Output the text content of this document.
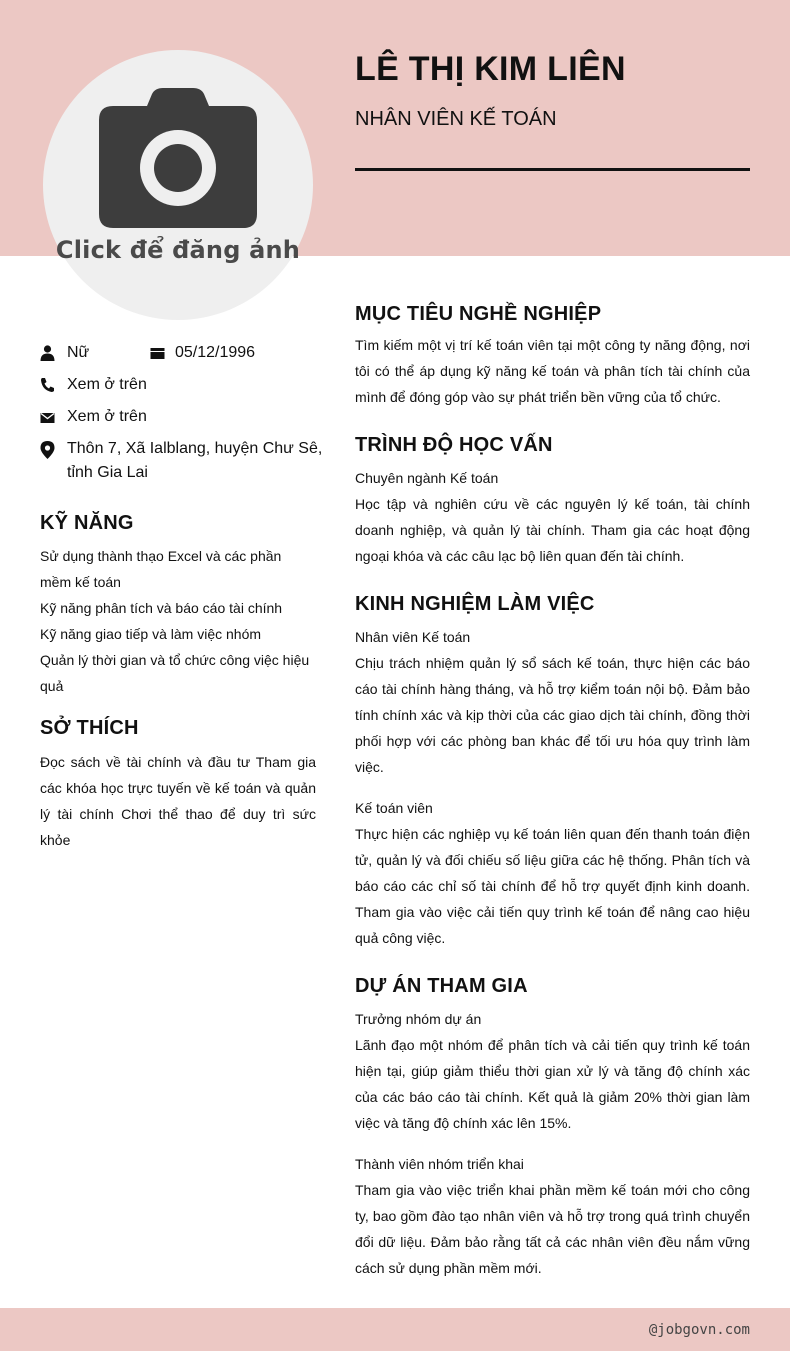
Click để đăng ảnh
LÊ THỊ KIM LIÊN
NHÂN VIÊN KẾ TOÁN
Nữ	05/12/1996
Xem ở trên
Xem ở trên
Thôn 7, Xã Ialblang, huyện Chư Sê,
tỉnh Gia Lai
KỸ NĂNG
Sử dụng thành thạo Excel và các phần mềm kế toán
Kỹ năng phân tích và báo cáo tài chính
Kỹ năng giao tiếp và làm việc nhóm
Quản lý thời gian và tổ chức công việc hiệu quả
SỞ THÍCH
Đọc sách về tài chính và đầu tư Tham gia các khóa học trực tuyến về kế toán và quản lý tài chính Chơi thể thao để duy trì sức khỏe
MỤC TIÊU NGHỀ NGHIỆP
Tìm kiếm một vị trí kế toán viên tại một công ty năng động, nơi tôi có thể áp dụng kỹ năng kế toán và phân tích tài chính của mình để đóng góp vào sự phát triển bền vững của tổ chức.
TRÌNH ĐỘ HỌC VẤN
Chuyên ngành Kế toán
Học tập và nghiên cứu về các nguyên lý kế toán, tài chính doanh nghiệp, và quản lý tài chính. Tham gia các hoạt động ngoại khóa và các câu lạc bộ liên quan đến tài chính.
KINH NGHIỆM LÀM VIỆC
Nhân viên Kế toán
Chịu trách nhiệm quản lý sổ sách kế toán, thực hiện các báo cáo tài chính hàng tháng, và hỗ trợ kiểm toán nội bộ. Đảm bảo tính chính xác và kịp thời của các giao dịch tài chính, đồng thời phối hợp với các phòng ban khác để tối ưu hóa quy trình làm việc.
Kế toán viên
Thực hiện các nghiệp vụ kế toán liên quan đến thanh toán điện tử, quản lý và đối chiếu số liệu giữa các hệ thống. Phân tích và báo cáo các chỉ số tài chính để hỗ trợ quyết định kinh doanh. Tham gia vào việc cải tiến quy trình kế toán để nâng cao hiệu quả công việc.
DỰ ÁN THAM GIA
Trưởng nhóm dự án
Lãnh đạo một nhóm để phân tích và cải tiến quy trình kế toán hiện tại, giúp giảm thiểu thời gian xử lý và tăng độ chính xác của các báo cáo tài chính. Kết quả là giảm 20% thời gian làm việc và tăng độ chính xác lên 15%.
Thành viên nhóm triển khai
Tham gia vào việc triển khai phần mềm kế toán mới cho công ty, bao gồm đào tạo nhân viên và hỗ trợ trong quá trình chuyển đổi dữ liệu. Đảm bảo rằng tất cả các nhân viên đều nắm vững cách sử dụng phần mềm mới.
@jobgovn.com
